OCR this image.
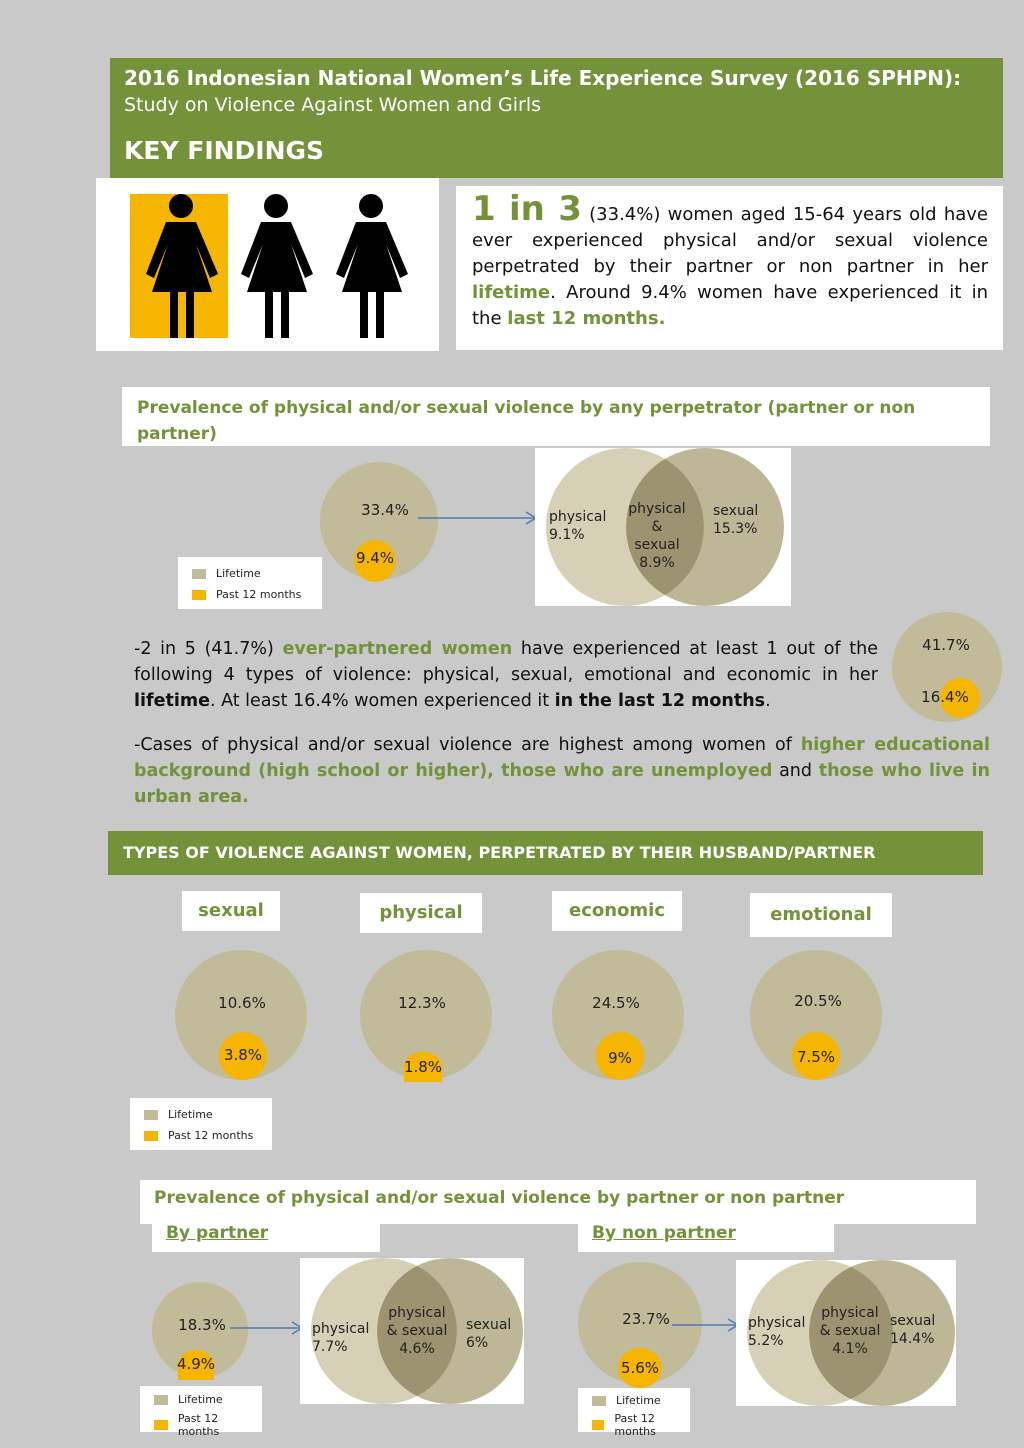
2016 Indonesian National Women’s Life Experience Survey (2016 SPHPN):
Study on Violence Against Women and Girls
KEY FINDINGS
1 in 3 (33.4%) women aged 15-64 years old have ever experienced physical and/or sexual violence perpetrated by their partner or non partner in her lifetime. Around 9.4% women have experienced it in the last 12 months.
Prevalence of physical and/or sexual violence by any perpetrator (partner or non partner)
33.4%
9.4%
Lifetime
Past 12 months
physical
9.1%
physical
& sexual
8.9%
sexual
15.3%
-2 in 5 (41.7%) ever-partnered women have experienced at least 1 out of the following 4 types of violence: physical, sexual, emotional and economic in her lifetime. At least 16.4% women experienced it in the last 12 months.
41.7%
16.4%
-Cases of physical and/or sexual violence are highest among women of higher educational background (high school or higher), those who are unemployed and those who live in urban area.
TYPES OF VIOLENCE AGAINST WOMEN, PERPETRATED BY THEIR HUSBAND/PARTNER
sexual	physical	economic	emotional
10.6%
3.8%
12.3%
1.8%
24.5%
9%
20.5%
7.5%
Lifetime
Past 12 months
Prevalence of physical and/or sexual violence by partner or non partner
By partner	By non partner
18.3%
4.9%
physical
7.7%
physical
& sexual
4.6%
sexual
6%
23.7%
5.6%
physical
5.2%
physical
& sexual
4.1%
sexual
14.4%
Lifetime
Past 12 months
Lifetime
Past 12 months
